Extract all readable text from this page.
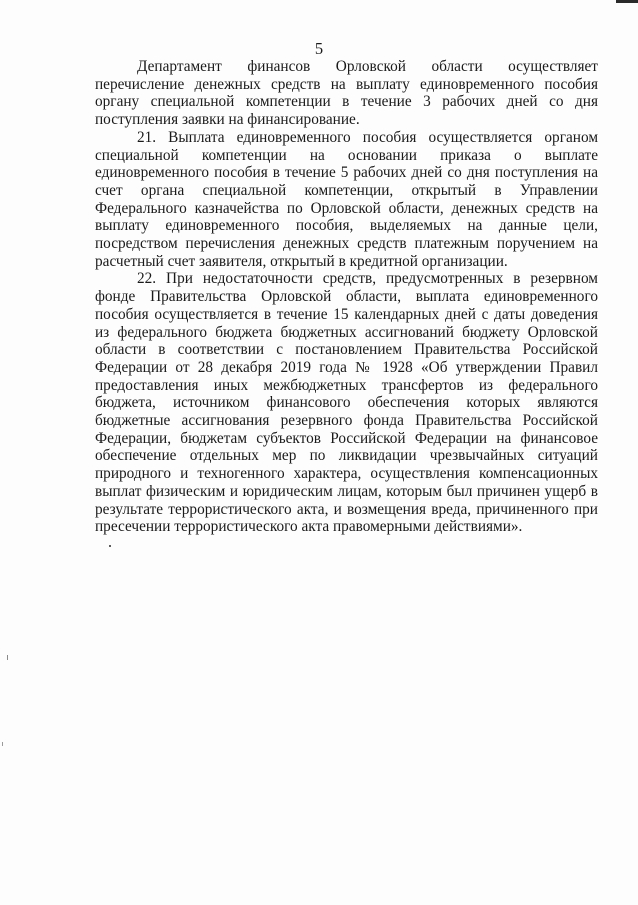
5

Департамент финансов Орловской области осуществляет перечисление денежных средств на выплату единовременного пособия органу специальной компетенции в течение 3 рабочих дней со дня поступления заявки на финансирование.

21. Выплата единовременного пособия осуществляется органом специальной компетенции на основании приказа о выплате единовременного пособия в течение 5 рабочих дней со дня поступления на счет органа специальной компетенции, открытый в Управлении Федерального казначейства по Орловской области, денежных средств на выплату единовременного пособия, выделяемых на данные цели, посредством перечисления денежных средств платежным поручением на расчетный счет заявителя, открытый в кредитной организации.

22. При недостаточности средств, предусмотренных в резервном фонде Правительства Орловской области, выплата единовременного пособия осуществляется в течение 15 календарных дней с даты доведения из федерального бюджета бюджетных ассигнований бюджету Орловской области в соответствии с постановлением Правительства Российской Федерации от 28 декабря 2019 года № 1928 «Об утверждении Правил предоставления иных межбюджетных трансфертов из федерального бюджета, источником финансового обеспечения которых являются бюджетные ассигнования резервного фонда Правительства Российской Федерации, бюджетам субъектов Российской Федерации на финансовое обеспечение отдельных мер по ликвидации чрезвычайных ситуаций природного и техногенного характера, осуществления компенсационных выплат физическим и юридическим лицам, которым был причинен ущерб в результате террористического акта, и возмещения вреда, причиненного при пресечении террористического акта правомерными действиями».
